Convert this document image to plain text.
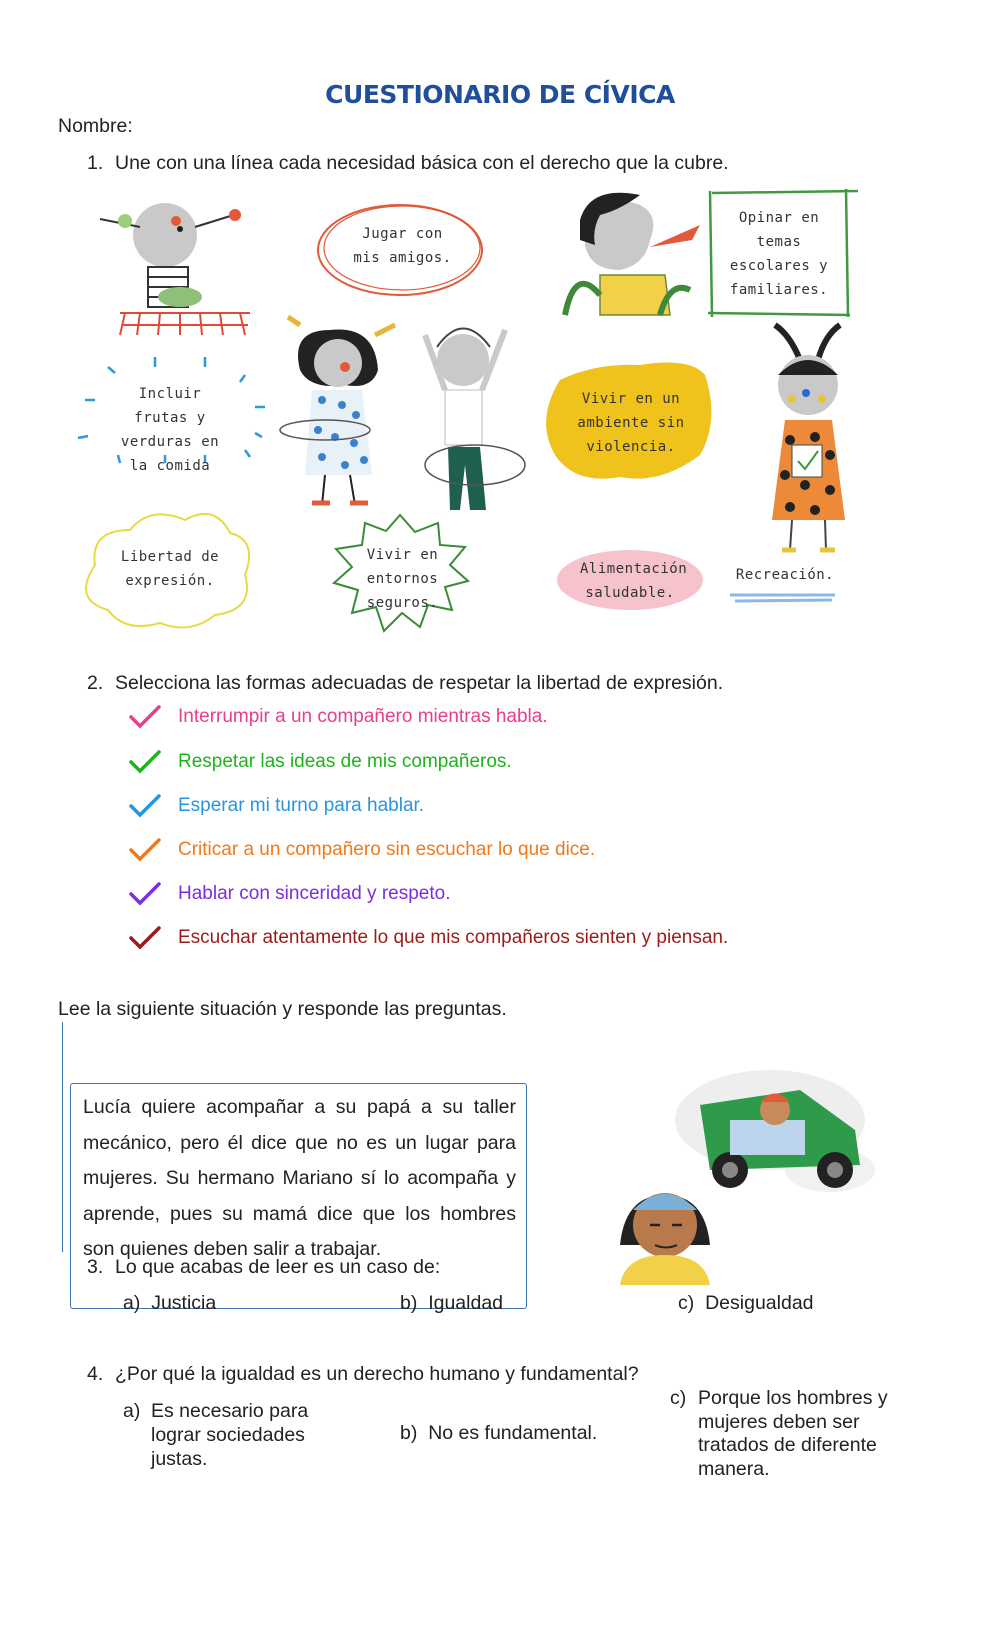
CUESTIONARIO DE CÍVICA
Nombre:
1. Une con una línea cada necesidad básica con el derecho que la cubre.
Jugar con mis amigos.
Opinar en temas escolares y familiares.
Incluir frutas y verduras en la comida
Vivir en un ambiente sin violencia.
Libertad de expresión.
Vivir en entornos seguros.
Alimentación saludable.
Recreación.
2. Selecciona las formas adecuadas de respetar la libertad de expresión.
Interrumpir a un compañero mientras habla.
Respetar las ideas de mis compañeros.
Esperar mi turno para hablar.
Criticar a un compañero sin escuchar lo que dice.
Hablar con sinceridad y respeto.
Escuchar atentamente lo que mis compañeros sienten y piensan.
Lee la siguiente situación y responde las preguntas.

Lucía quiere acompañar a su papá a su taller mecánico, pero él dice que no es un lugar para mujeres. Su hermano Mariano sí lo acompaña y aprende, pues su mamá dice que los hombres son quienes deben salir a trabajar.

3. Lo que acabas de leer es un caso de:
a) Justicia	b) Igualdad	c) Desigualdad
4. ¿Por qué la igualdad es un derecho humano y fundamental?
a) Es necesario para
lograr sociedades
justas.
b) No es fundamental.
c) Porque los hombres y
mujeres deben ser
tratados de diferente
manera.
